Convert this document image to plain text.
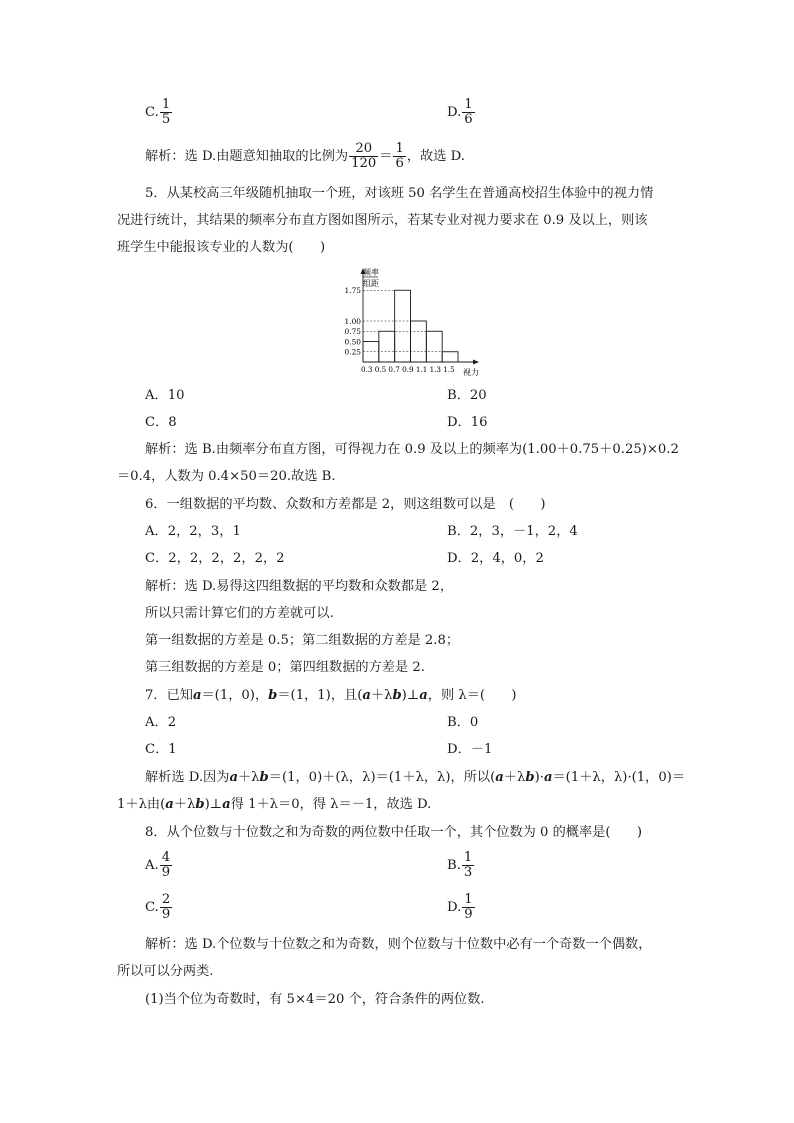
C. $\frac{1}{5}$	D. $\frac{1}{6}$
解析：选 D.由题意知抽取的比例为 $\frac{20}{120} = \frac{1}{6}$ ，故选 D.
5．从某校高三年级随机抽取一个班，对该班 50 名学生在普通高校招生体验中的视力情
况进行统计，其结果的频率分布直方图如图所示，若某专业对视力要求在 0.9 及以上，则该
班学生中能报该专业的人数为(　　)
0.25
0.50
0.75
1.00
1.75
0.3 0.5 0.7 0.9 1.1 1.3 1.5
频率
组距
视力
A．10	B．20
C．8	D．16
解析：选 B.由频率分布直方图，可得视力在 0.9 及以上的频率为(1.00＋0.75＋0.25)×0.2
＝0.4，人数为 0.4×50＝20.故选 B.
6．一组数据的平均数、众数和方差都是 2，则这组数可以是　(　　)
A．2，2，3，1	B．2，3，－1，2，4
C．2，2，2，2，2，2	D．2，4，0，2
解析：选 D.易得这四组数据的平均数和众数都是 2，
所以只需计算它们的方差就可以.
第一组数据的方差是 0.5；第二组数据的方差是 2.8；
第三组数据的方差是 0；第四组数据的方差是 2.
7．已知a＝(1，0)，b＝(1，1)，且(a＋λb)⊥a，则 λ＝(　　)
A．2	B．0
C．1	D．－1
解析选 D.因为a＋λb＝(1，0)＋(λ，λ)＝(1＋λ，λ)，所以(a＋λb)·a＝(1＋λ，λ)·(1，0)＝
1＋λ由(a＋λb)⊥a得 1＋λ＝0，得 λ＝－1，故选 D.
8．从个位数与十位数之和为奇数的两位数中任取一个，其个位数为 0 的概率是(　　)
A. $\frac{4}{9}$	B. $\frac{1}{3}$
C. $\frac{2}{9}$	D. $\frac{1}{9}$
解析：选 D.个位数与十位数之和为奇数，则个位数与十位数中必有一个奇数一个偶数，
所以可以分两类.
(1)当个位为奇数时，有 5×4＝20 个，符合条件的两位数.
